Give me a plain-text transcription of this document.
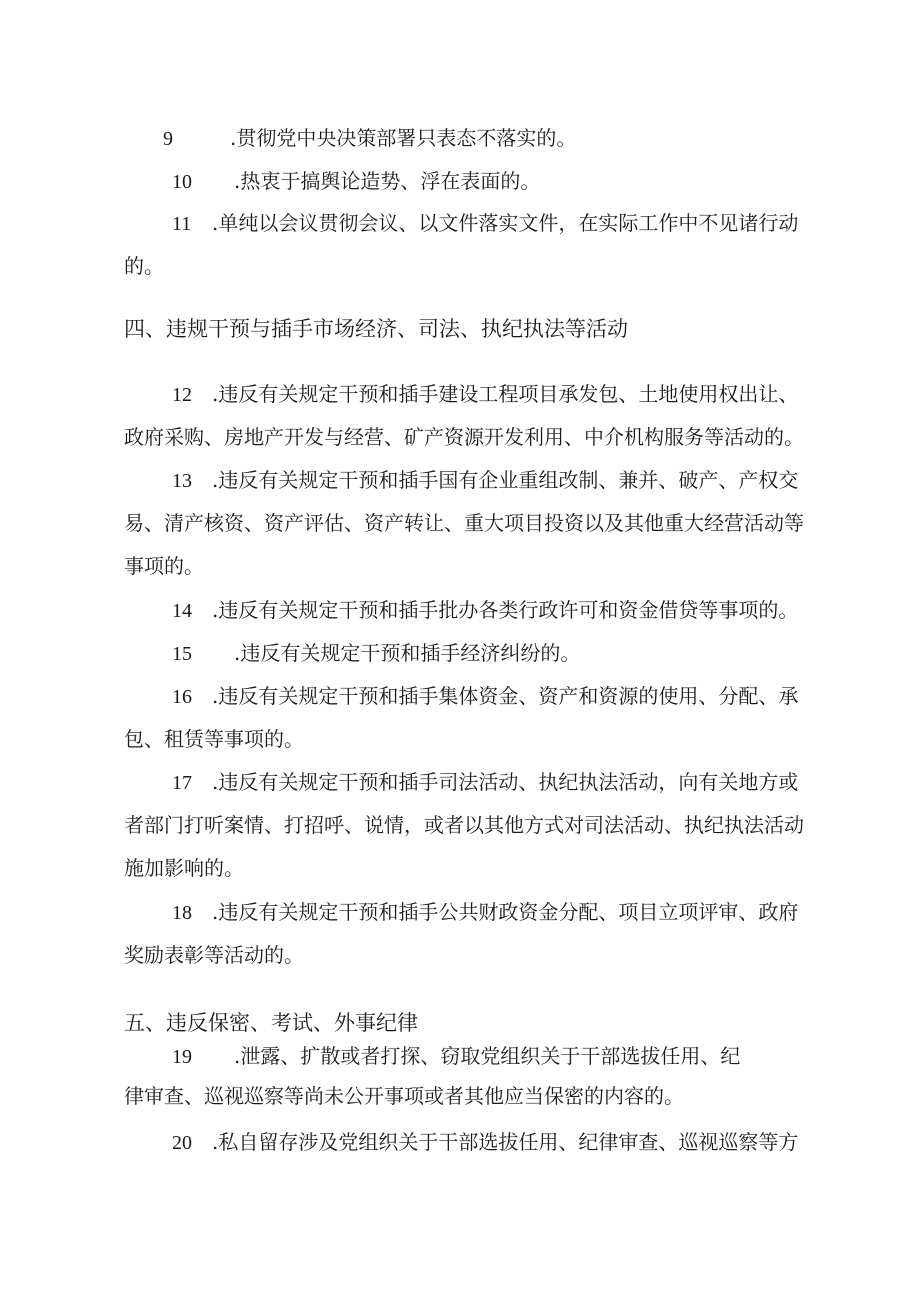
9	.贯彻党中央决策部署只表态不落实的。
10 .热衷于搞舆论造势、浮在表面的。
11 .单纯以会议贯彻会议、以文件落实文件，在实际工作中不见诸行动
的。
四、违规干预与插手市场经济、司法、执纪执法等活动
12 .违反有关规定干预和插手建设工程项目承发包、土地使用权出让、
政府采购、房地产开发与经营、矿产资源开发利用、中介机构服务等活动的。
13 .违反有关规定干预和插手国有企业重组改制、兼并、破产、产权交
易、清产核资、资产评估、资产转让、重大项目投资以及其他重大经营活动等
事项的。
14 .违反有关规定干预和插手批办各类行政许可和资金借贷等事项的。
15 .违反有关规定干预和插手经济纠纷的。
16 .违反有关规定干预和插手集体资金、资产和资源的使用、分配、承
包、租赁等事项的。
17 .违反有关规定干预和插手司法活动、执纪执法活动，向有关地方或
者部门打听案情、打招呼、说情，或者以其他方式对司法活动、执纪执法活动
施加影响的。
18 .违反有关规定干预和插手公共财政资金分配、项目立项评审、政府
奖励表彰等活动的。
五、违反保密、考试、外事纪律
19 .泄露、扩散或者打探、窃取党组织关于干部选拔任用、纪
律审查、巡视巡察等尚未公开事项或者其他应当保密的内容的。
20 .私自留存涉及党组织关于干部选拔任用、纪律审查、巡视巡察等方
